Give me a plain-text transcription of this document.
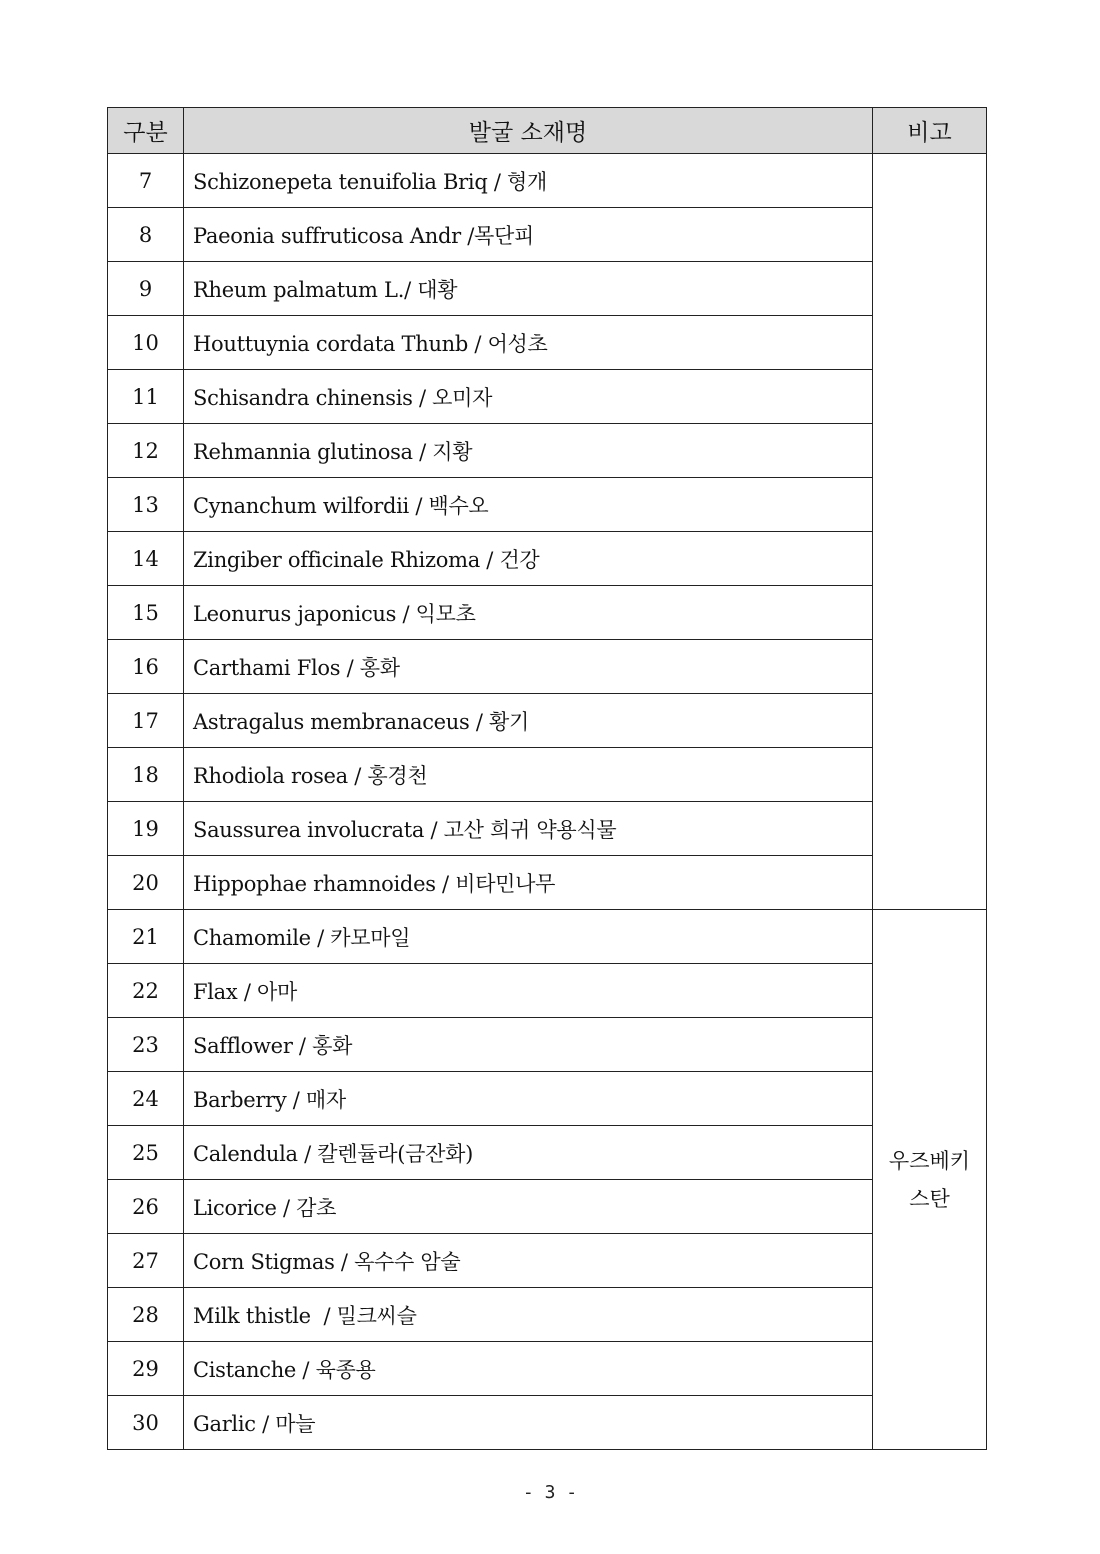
구분	발굴 소재명	비고
7	Schizonepeta tenuifolia Briq / 형개	
8	Paeonia suffruticosa Andr /목단피	
9	Rheum palmatum L./ 대황	
10	Houttuynia cordata Thunb / 어성초	
11	Schisandra chinensis / 오미자	
12	Rehmannia glutinosa / 지황	
13	Cynanchum wilfordii / 백수오	
14	Zingiber officinale Rhizoma / 건강	
15	Leonurus japonicus / 익모초	
16	Carthami Flos / 홍화	
17	Astragalus membranaceus / 황기	
18	Rhodiola rosea / 홍경천	
19	Saussurea involucrata / 고산 희귀 약용식물	
20	Hippophae rhamnoides / 비타민나무	
21	Chamomile / 카모마일	우즈베키
스탄

22	Flax / 아마	
23	Safflower / 홍화	
24	Barberry / 매자	
25	Calendula / 칼렌듈라(금잔화)	
26	Licorice / 감초	
27	Corn Stigmas / 옥수수 암술	
28	Milk thistle  / 밀크씨슬	
29	Cistanche / 육종용	
30	Garlic / 마늘	
- 3 -
